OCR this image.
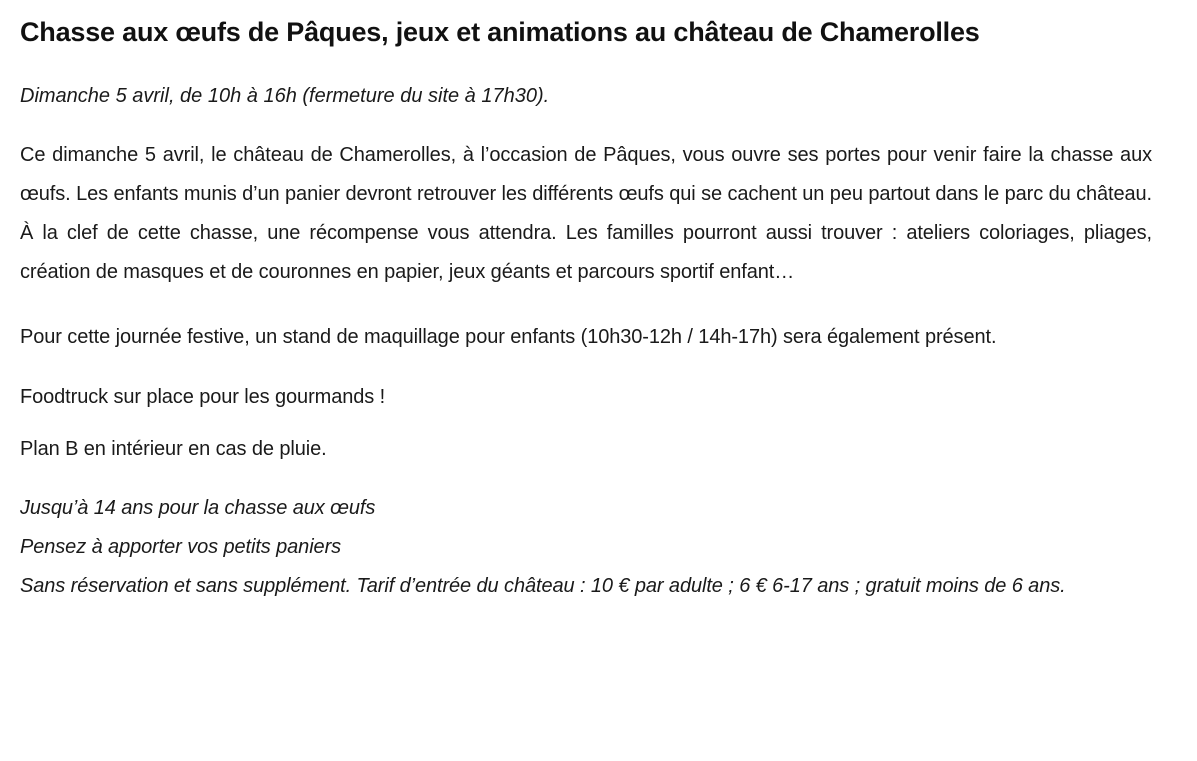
Chasse aux œufs de Pâques, jeux et animations au château de Chamerolles

Dimanche 5 avril, de 10h à 16h (fermeture du site à 17h30).

Ce dimanche 5 avril, le château de Chamerolles, à l’occasion de Pâques, vous ouvre ses portes pour venir faire la chasse aux œufs. Les enfants munis d’un panier devront retrouver les différents œufs qui se cachent un peu partout dans le parc du château. À la clef de cette chasse, une récompense vous attendra. Les familles pourront aussi trouver : ateliers coloriages, pliages, création de masques et de couronnes en papier, jeux géants et parcours sportif enfant…

Pour cette journée festive, un stand de maquillage pour enfants (10h30-12h / 14h-17h) sera également présent.

Foodtruck sur place pour les gourmands !

Plan B en intérieur en cas de pluie.

Jusqu’à 14 ans pour la chasse aux œufs
Pensez à apporter vos petits paniers
Sans réservation et sans supplément. Tarif d’entrée du château : 10 € par adulte ; 6 € 6-17 ans ; gratuit moins de 6 ans.
